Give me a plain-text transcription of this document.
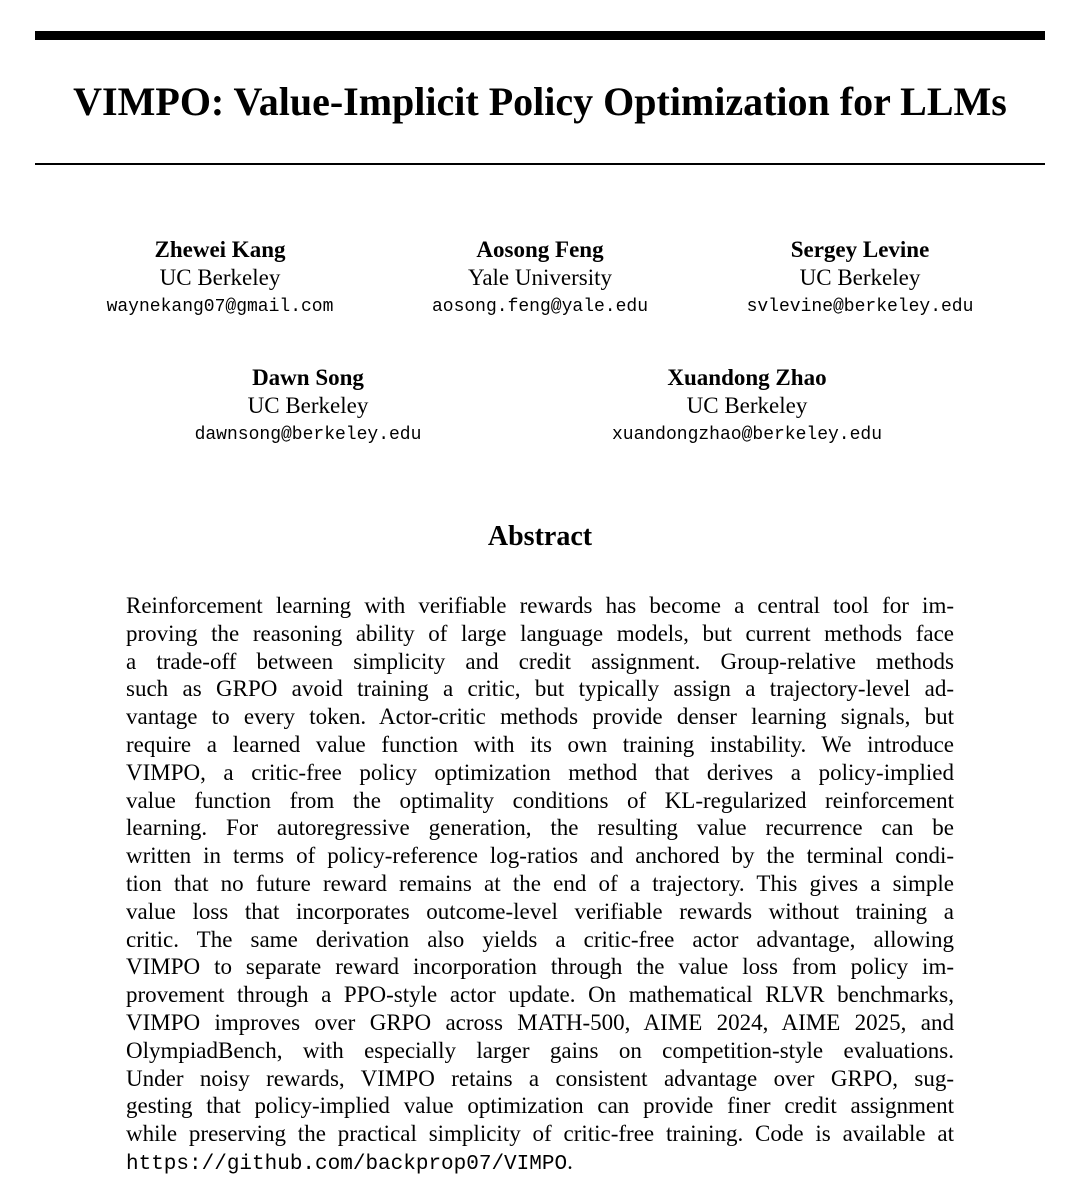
VIMPO: Value-Implicit Policy Optimization for LLMs
Zhewei Kang
UC Berkeley
waynekang07@gmail.com
Aosong Feng
Yale University
aosong.feng@yale.edu
Sergey Levine
UC Berkeley
svlevine@berkeley.edu
Dawn Song
UC Berkeley
dawnsong@berkeley.edu
Xuandong Zhao
UC Berkeley
xuandongzhao@berkeley.edu
Abstract
Reinforcement learning with verifiable rewards has become a central tool for im-
proving the reasoning ability of large language models, but current methods face
a trade-off between simplicity and credit assignment. Group-relative methods
such as GRPO avoid training a critic, but typically assign a trajectory-level ad-
vantage to every token. Actor-critic methods provide denser learning signals, but
require a learned value function with its own training instability. We introduce
VIMPO, a critic-free policy optimization method that derives a policy-implied
value function from the optimality conditions of KL-regularized reinforcement
learning. For autoregressive generation, the resulting value recurrence can be
written in terms of policy-reference log-ratios and anchored by the terminal condi-
tion that no future reward remains at the end of a trajectory. This gives a simple
value loss that incorporates outcome-level verifiable rewards without training a
critic. The same derivation also yields a critic-free actor advantage, allowing
VIMPO to separate reward incorporation through the value loss from policy im-
provement through a PPO-style actor update. On mathematical RLVR benchmarks,
VIMPO improves over GRPO across MATH-500, AIME 2024, AIME 2025, and
OlympiadBench, with especially larger gains on competition-style evaluations.
Under noisy rewards, VIMPO retains a consistent advantage over GRPO, sug-
gesting that policy-implied value optimization can provide finer credit assignment
while preserving the practical simplicity of critic-free training. Code is available at
https://github.com/backprop07/VIMPO.
